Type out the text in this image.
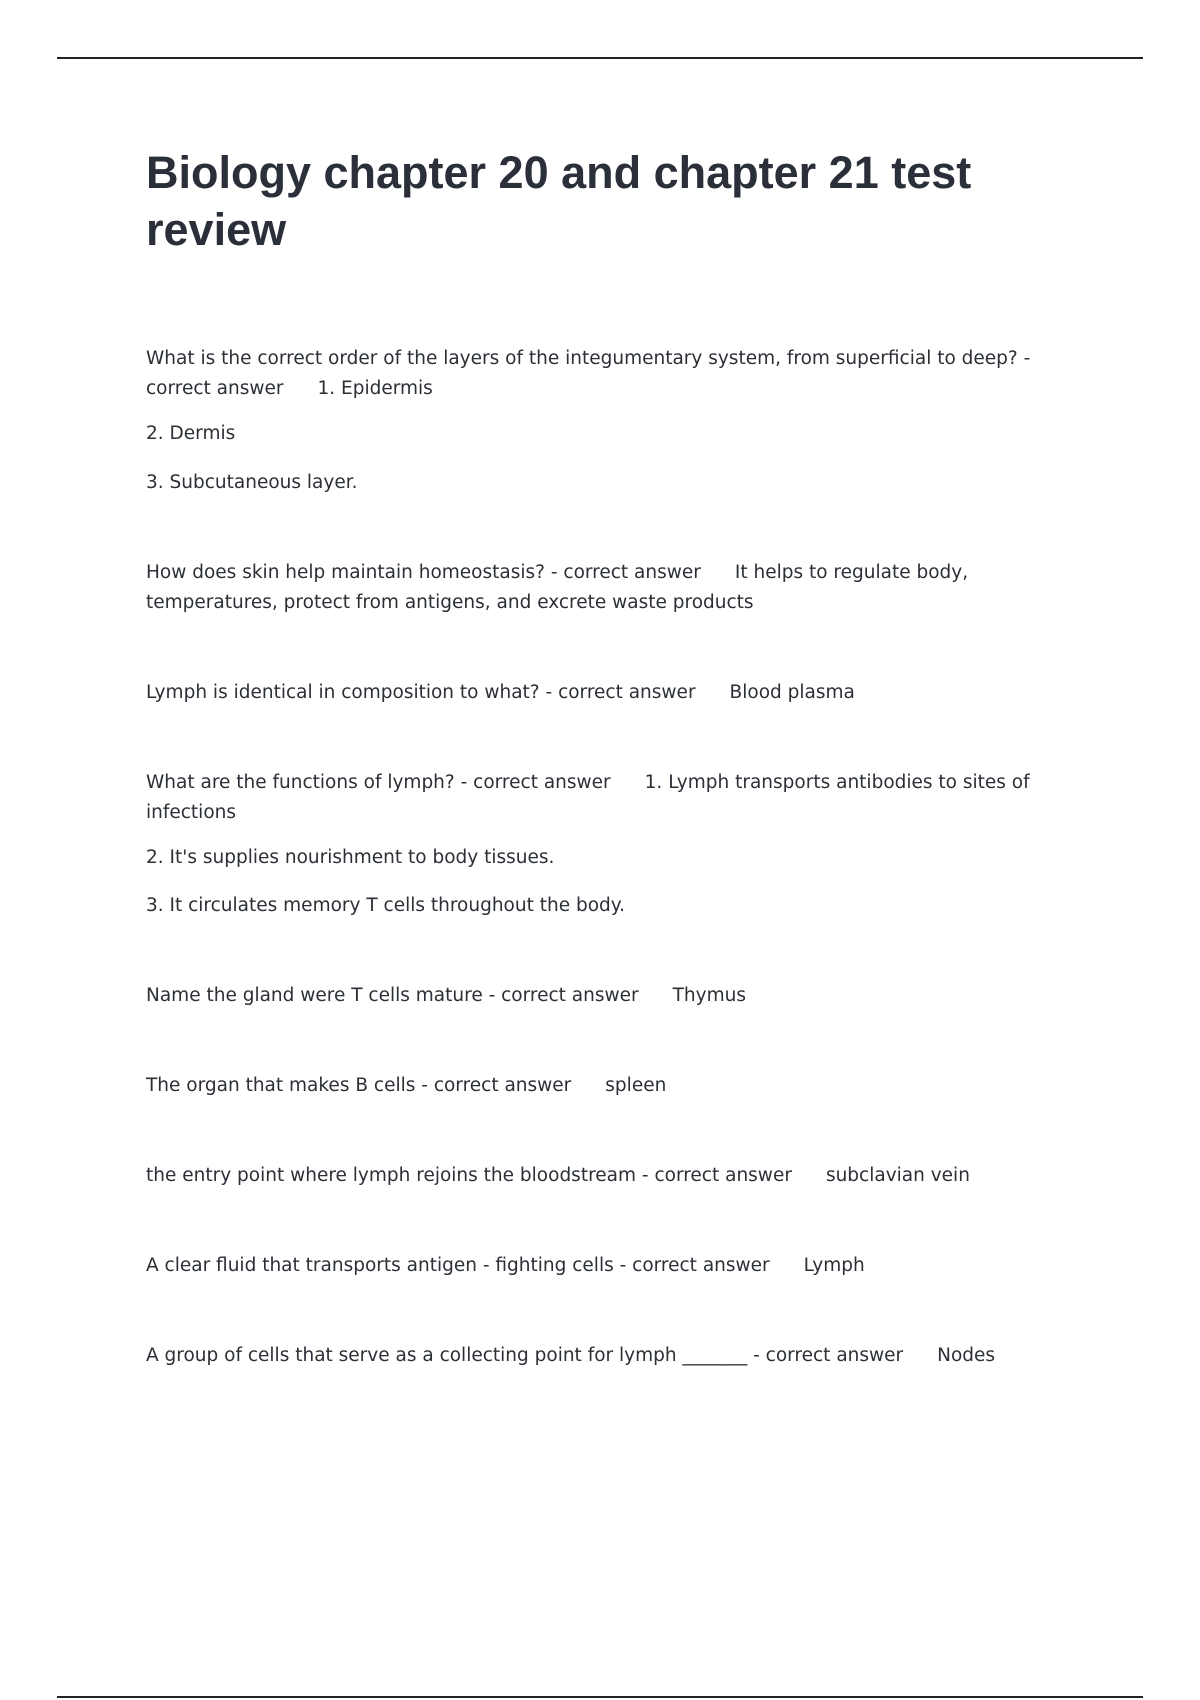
Biology chapter 20 and chapter 21 test review

What is the correct order of the layers of the integumentary system, from superficial to deep? - correct answer 1. Epidermis

2. Dermis

3. Subcutaneous layer.

How does skin help maintain homeostasis? - correct answer It helps to regulate body, temperatures, protect from antigens, and excrete waste products

Lymph is identical in composition to what? - correct answer Blood plasma

What are the functions of lymph? - correct answer 1. Lymph transports antibodies to sites of infections

2. It's supplies nourishment to body tissues.

3. It circulates memory T cells throughout the body.

Name the gland were T cells mature - correct answer Thymus

The organ that makes B cells - correct answer spleen

the entry point where lymph rejoins the bloodstream - correct answer subclavian vein

A clear fluid that transports antigen - fighting cells - correct answer Lymph

A group of cells that serve as a collecting point for lymph _______ - correct answer Nodes
